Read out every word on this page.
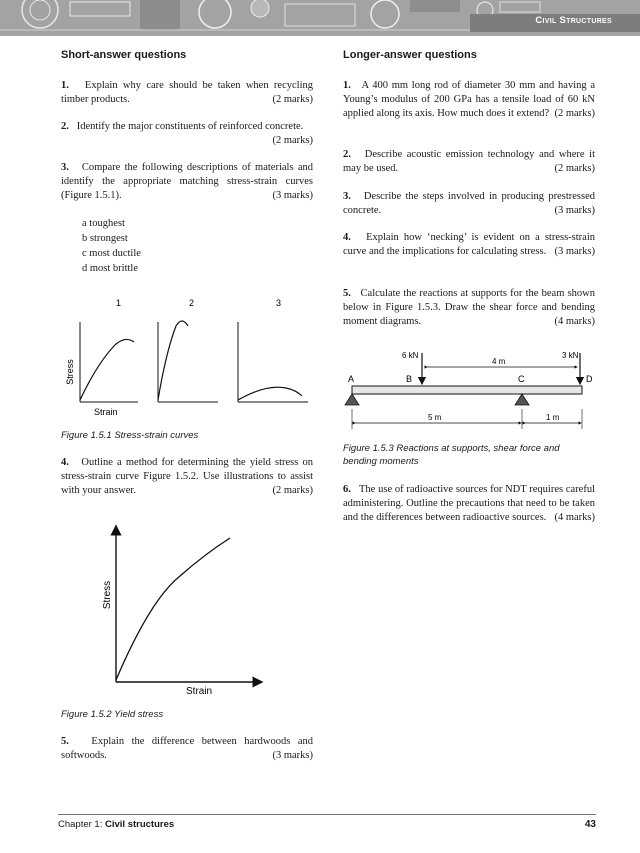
Civil Structures
Short-answer questions
1. Explain why care should be taken when recycling timber products.	(2 marks)
2. Identify the major constituents of reinforced concrete.
(2 marks)
3. Compare the following descriptions of materials and identify the appropriate matching stress-strain curves (Figure 1.5.1).	(3 marks)
a toughest
b strongest
c most ductile
d most brittle
1	2	3
Stress
Strain
Figure 1.5.1 Stress-strain curves
4. Outline a method for determining the yield stress on stress-strain curve Figure 1.5.2. Use illustrations to assist with your answer.	(2 marks)
Stress
Strain
Figure 1.5.2 Yield stress
5. Explain the difference between hardwoods and softwoods.	(3 marks)
Longer-answer questions
1. A 400 mm long rod of diameter 30 mm and having a Young’s modulus of 200 GPa has a tensile load of 60 kN applied along its axis. How much does it extend? (2 marks)
2. Describe acoustic emission technology and where it may be used.	(2 marks)
3. Describe the steps involved in producing prestressed concrete.	(3 marks)
4. Explain how ‘necking’ is evident on a stress-strain curve and the implications for calculating stress. (3 marks)
5. Calculate the reactions at supports for the beam shown below in Figure 1.5.3. Draw the shear force and bending moment diagrams.	(4 marks)
6 kN	3 kN
4 m
A	B	C	D
5 m	1 m
Figure 1.5.3 Reactions at supports, shear force and bending moments
6. The use of radioactive sources for NDT requires careful administering. Outline the precautions that need to be taken and the differences between radioactive sources. (4 marks)
Chapter 1: Civil structures	43
